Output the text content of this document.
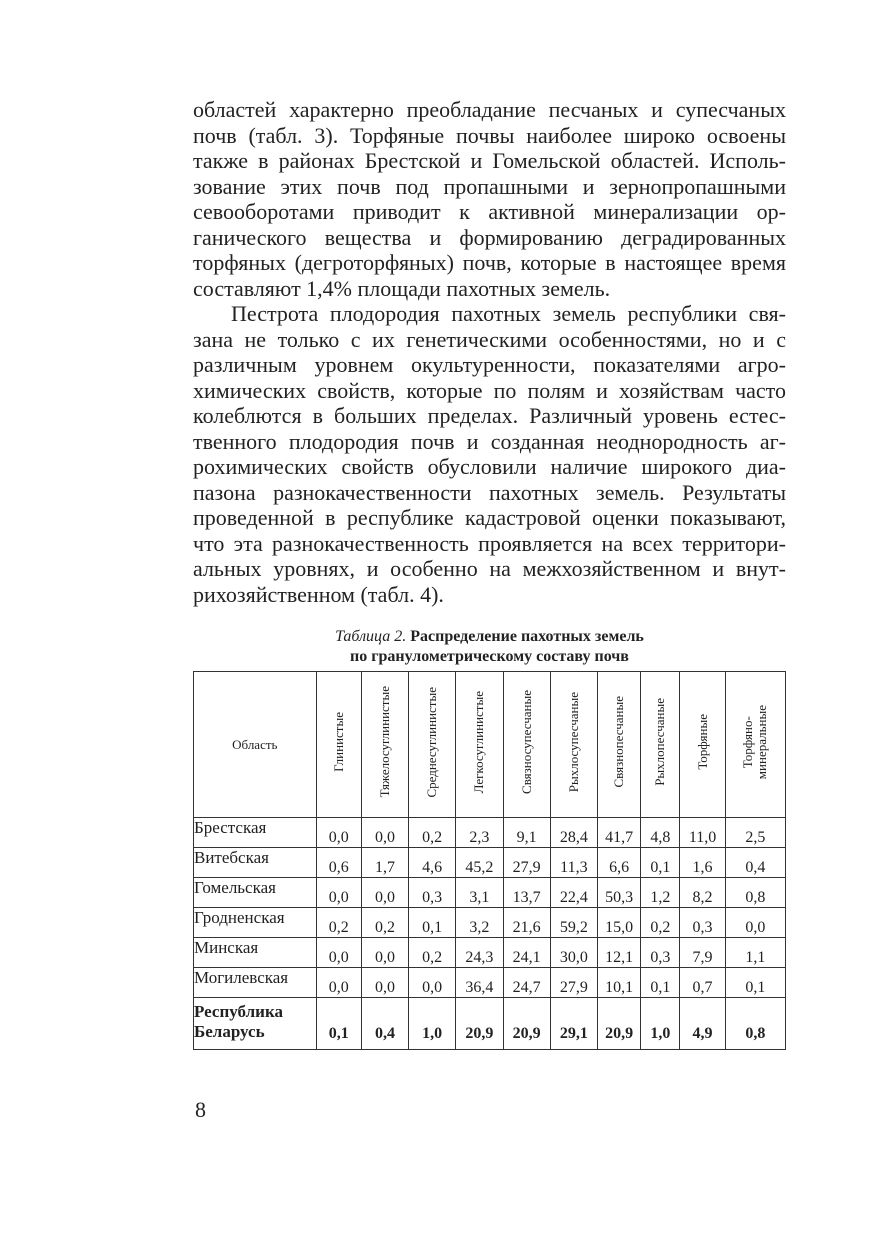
областей характерно преобладание песчаных и супесчаных почв (табл. 3). Торфяные почвы наиболее широко освоены также в районах Брестской и Гомельской областей. Использование этих почв под пропашными и зернопропашными севооборотами приводит к активной минерализации органического вещества и формированию деградированных торфяных (дегроторфяных) почв, которые в настоящее время составляют 1,4% площади пахотных земель.

Пестрота плодородия пахотных земель республики связана не только с их генетическими особенностями, но и с различным уровнем окультуренности, показателями агрохимических свойств, которые по полям и хозяйствам часто колеблются в больших пределах. Различный уровень естественного плодородия почв и созданная неоднородность агрохимических свойств обусловили наличие широкого диапазона разнокачественности пахотных земель. Результаты проведенной в республике кадастровой оценки показывают, что эта разнокачественность проявляется на всех территориальных уровнях, и особенно на межхозяйственном и внутрихозяйственном (табл. 4).

Таблица 2. Распределение пахотных земель
по гранулометрическому составу почв
Область	Глинистые	Тяжелосуглинистые	Среднесуглинистые	Легкосуглинистые	Связносупесчаные	Рыхлосупесчаные	Связнопесчаные	Рыхлопесчаные	Торфяные	Торфяно-
минеральные
Брестская	0,0	0,0	0,2	2,3	9,1	28,4	41,7	4,8	11,0	2,5
Витебская	0,6	1,7	4,6	45,2	27,9	11,3	6,6	0,1	1,6	0,4
Гомельская	0,0	0,0	0,3	3,1	13,7	22,4	50,3	1,2	8,2	0,8
Гродненская	0,2	0,2	0,1	3,2	21,6	59,2	15,0	0,2	0,3	0,0
Минская	0,0	0,0	0,2	24,3	24,1	30,0	12,1	0,3	7,9	1,1
Могилевская	0,0	0,0	0,0	36,4	24,7	27,9	10,1	0,1	0,7	0,1
Республика
Беларусь	0,1	0,4	1,0	20,9	20,9	29,1	20,9	1,0	4,9	0,8
8
